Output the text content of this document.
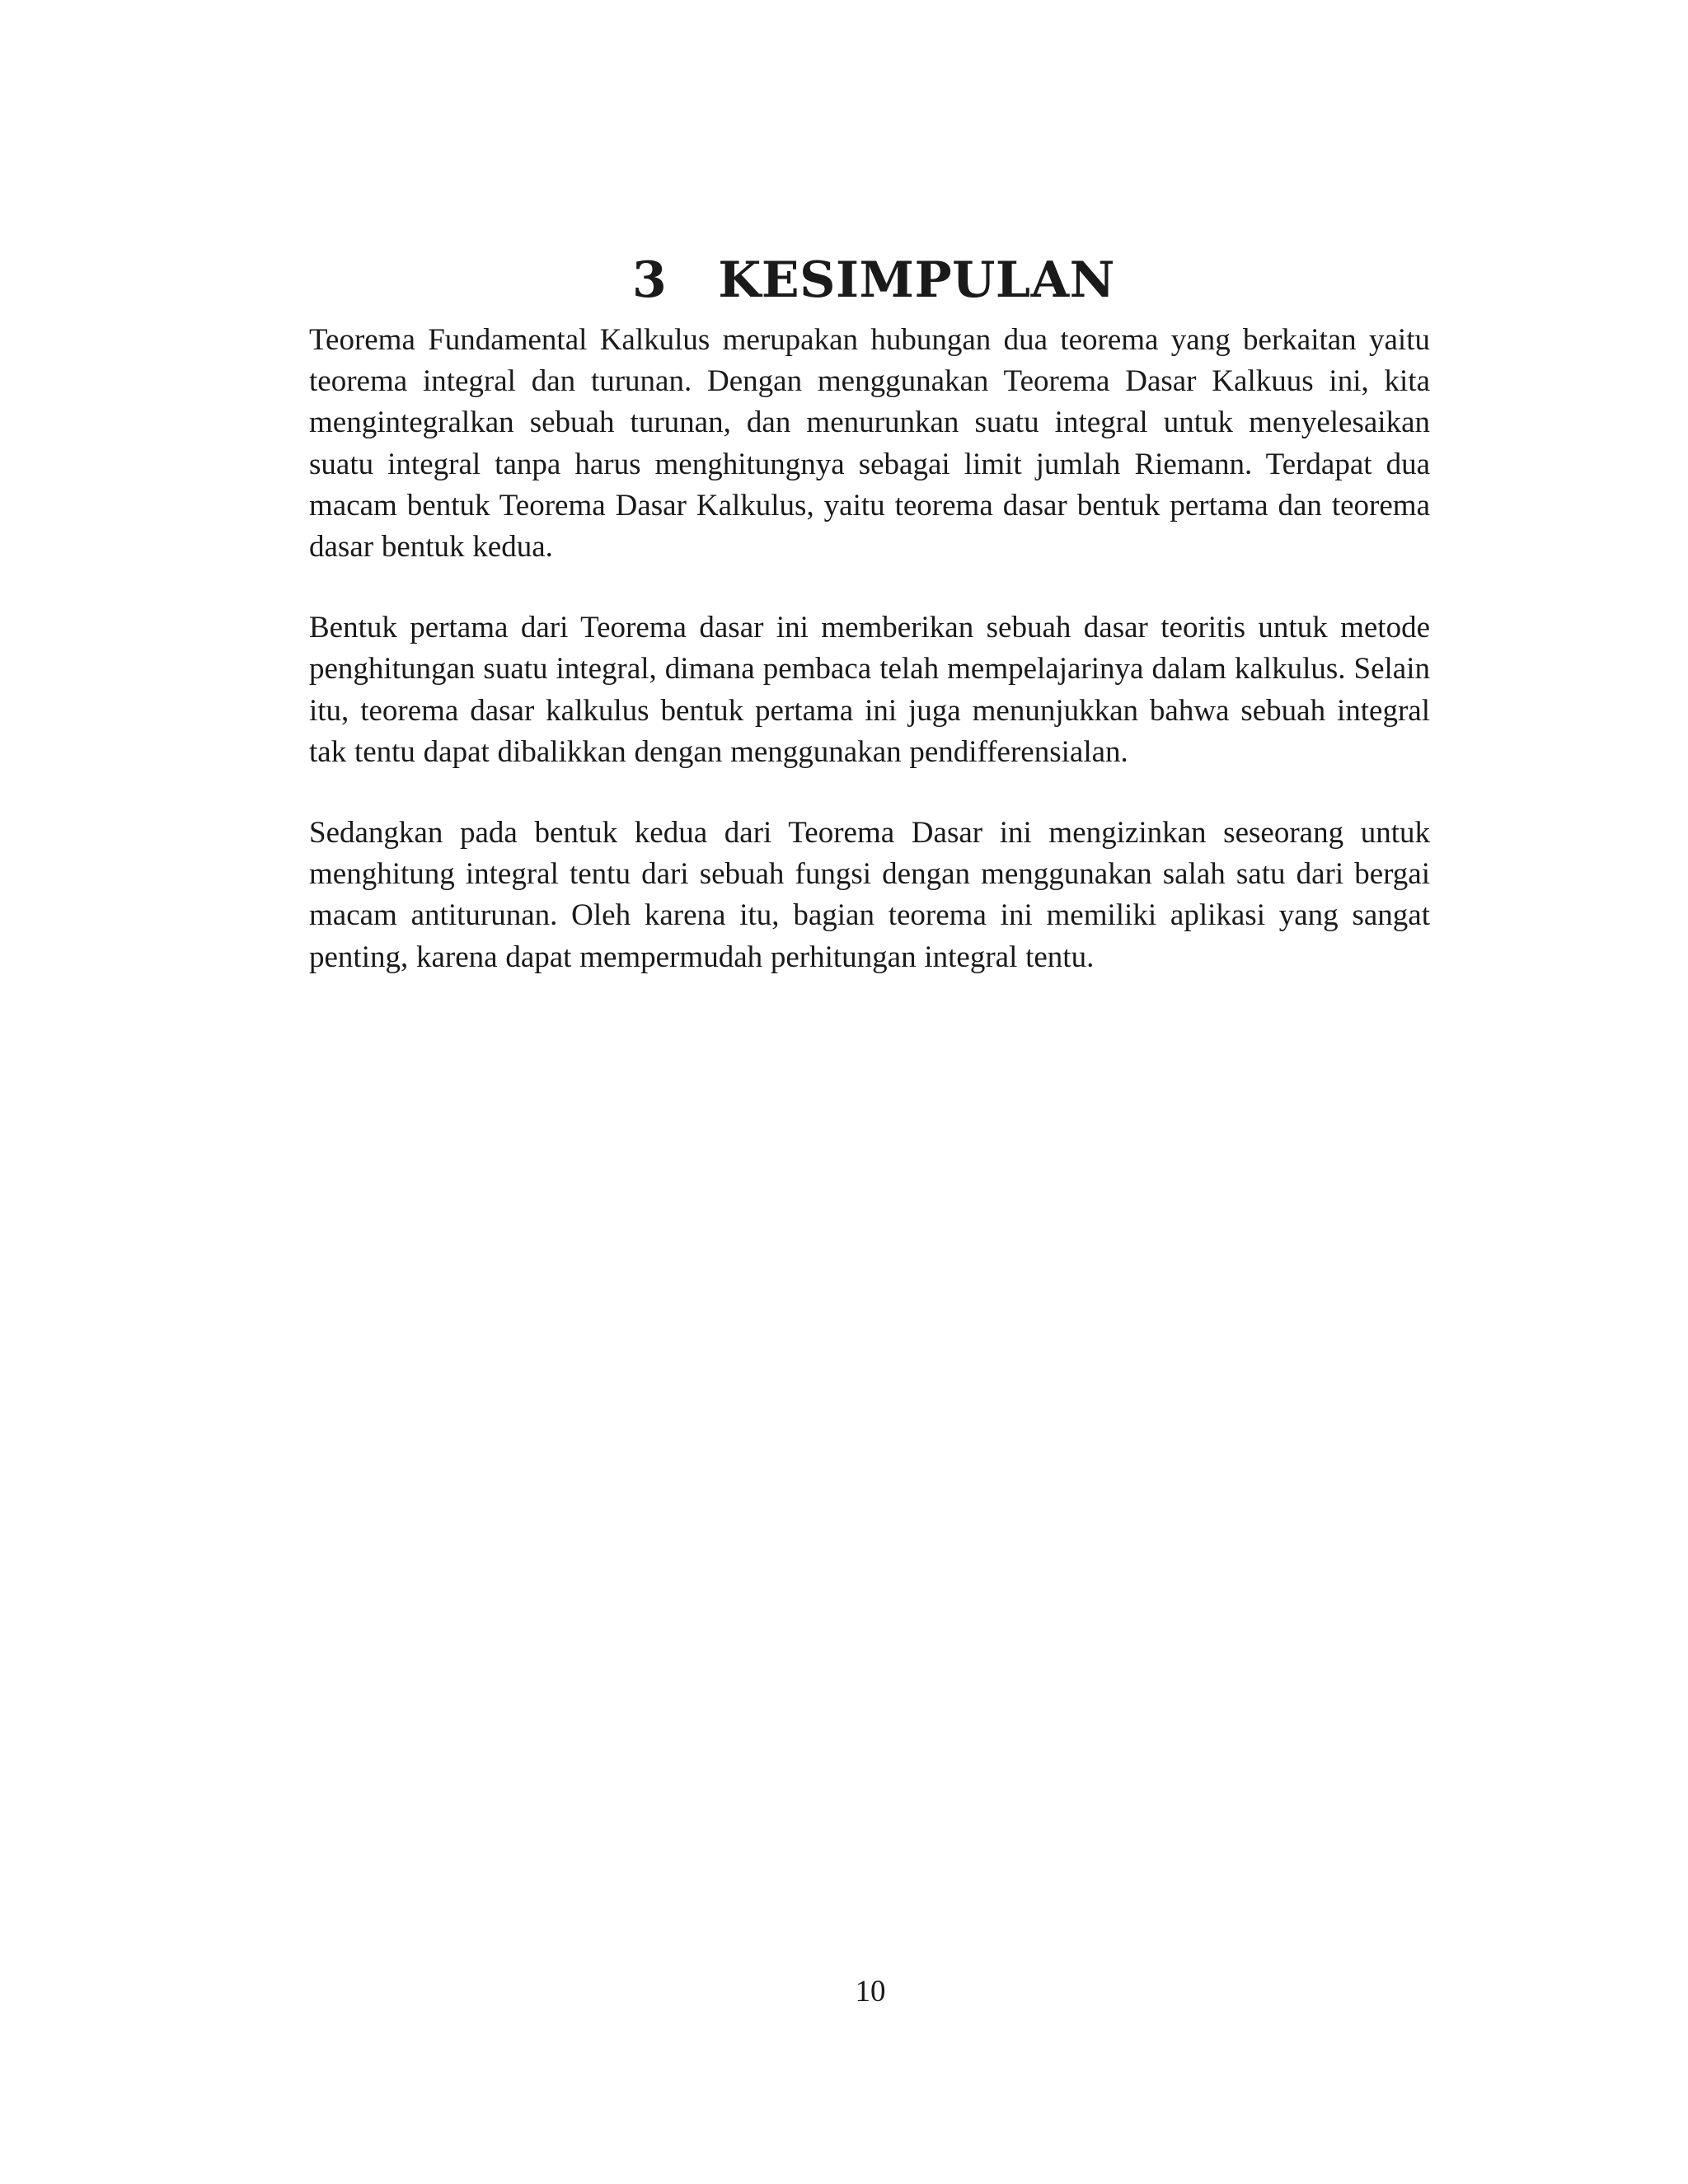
3 KESIMPULAN

Teorema Fundamental Kalkulus merupakan hubungan dua teorema yang berkaitan yaitu teorema integral dan turunan. Dengan menggunakan Teorema Dasar Kalkuus ini, kita mengintegralkan sebuah turunan, dan menurunkan suatu integral untuk menyelesaikan suatu integral tanpa harus menghitungnya sebagai limit jumlah Riemann. Terdapat dua macam bentuk Teorema Dasar Kalkulus, yaitu teorema dasar bentuk pertama dan teorema dasar bentuk kedua.

Bentuk pertama dari Teorema dasar ini memberikan sebuah dasar teoritis untuk metode penghitungan suatu integral, dimana pembaca telah mempelajarinya dalam kalkulus. Selain itu, teorema dasar kalkulus bentuk pertama ini juga menunjukkan bahwa sebuah integral tak tentu dapat dibalikkan dengan menggunakan pendifferensialan.

Sedangkan pada bentuk kedua dari Teorema Dasar ini mengizinkan seseorang untuk menghitung integral tentu dari sebuah fungsi dengan menggunakan salah satu dari bergai macam antiturunan. Oleh karena itu, bagian teorema ini memiliki aplikasi yang sangat penting, karena dapat mempermudah perhitungan integral tentu.

10
